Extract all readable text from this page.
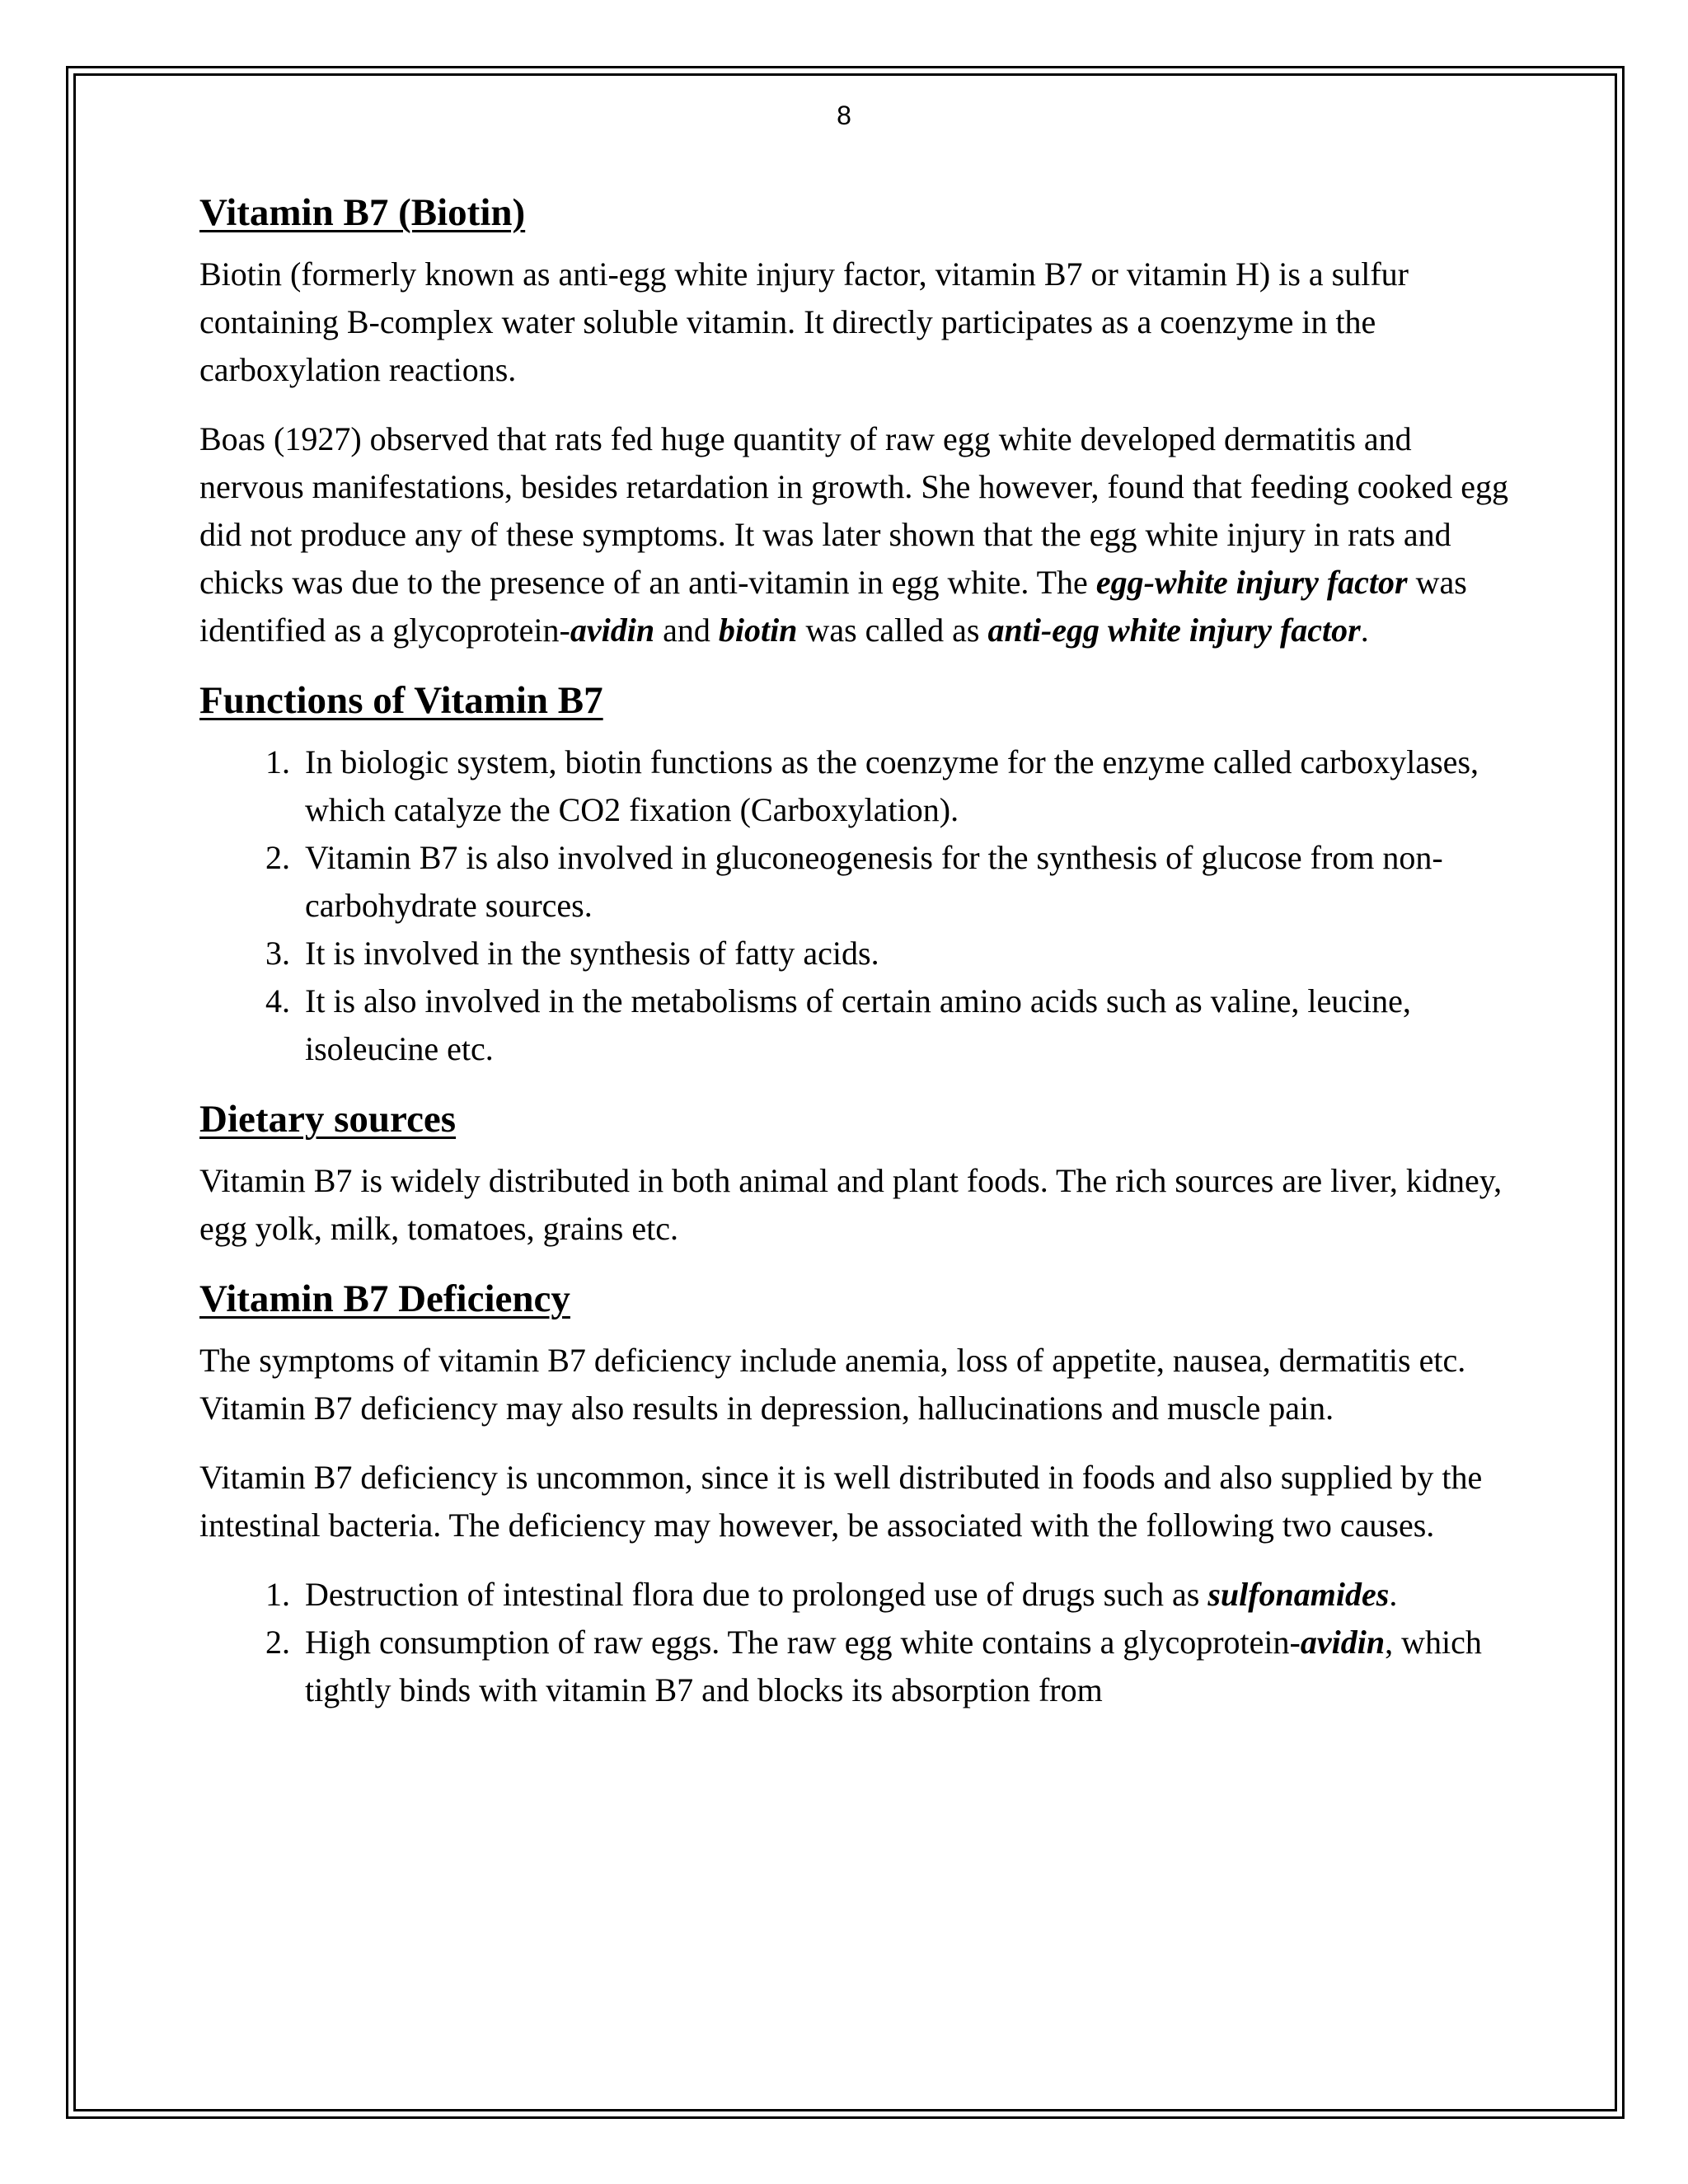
8
Vitamin B7 (Biotin)

Biotin (formerly known as anti-egg white injury factor, vitamin B7 or vitamin H) is a sulfur containing B-complex water soluble vitamin. It directly participates as a coenzyme in the carboxylation reactions.

Boas (1927) observed that rats fed huge quantity of raw egg white developed dermatitis and nervous manifestations, besides retardation in growth. She however, found that feeding cooked egg did not produce any of these symptoms. It was later shown that the egg white injury in rats and chicks was due to the presence of an anti-vitamin in egg white. The egg-white injury factor was identified as a glycoprotein-avidin and biotin was called as anti-egg white injury factor.

Functions of Vitamin B7
1. In biologic system, biotin functions as the coenzyme for the enzyme called carboxylases, which catalyze the CO2 fixation (Carboxylation).
2. Vitamin B7 is also involved in gluconeogenesis for the synthesis of glucose from non-carbohydrate sources.
3. It is involved in the synthesis of fatty acids.
4. It is also involved in the metabolisms of certain amino acids such as valine, leucine, isoleucine etc.
Dietary sources

Vitamin B7 is widely distributed in both animal and plant foods. The rich sources are liver, kidney, egg yolk, milk, tomatoes, grains etc.

Vitamin B7 Deficiency

The symptoms of vitamin B7 deficiency include anemia, loss of appetite, nausea, dermatitis etc. Vitamin B7 deficiency may also results in depression, hallucinations and muscle pain.

Vitamin B7 deficiency is uncommon, since it is well distributed in foods and also supplied by the intestinal bacteria. The deficiency may however, be associated with the following two causes.

1. Destruction of intestinal flora due to prolonged use of drugs such as sulfonamides.
2. High consumption of raw eggs. The raw egg white contains a glycoprotein-avidin, which tightly binds with vitamin B7 and blocks its absorption from
